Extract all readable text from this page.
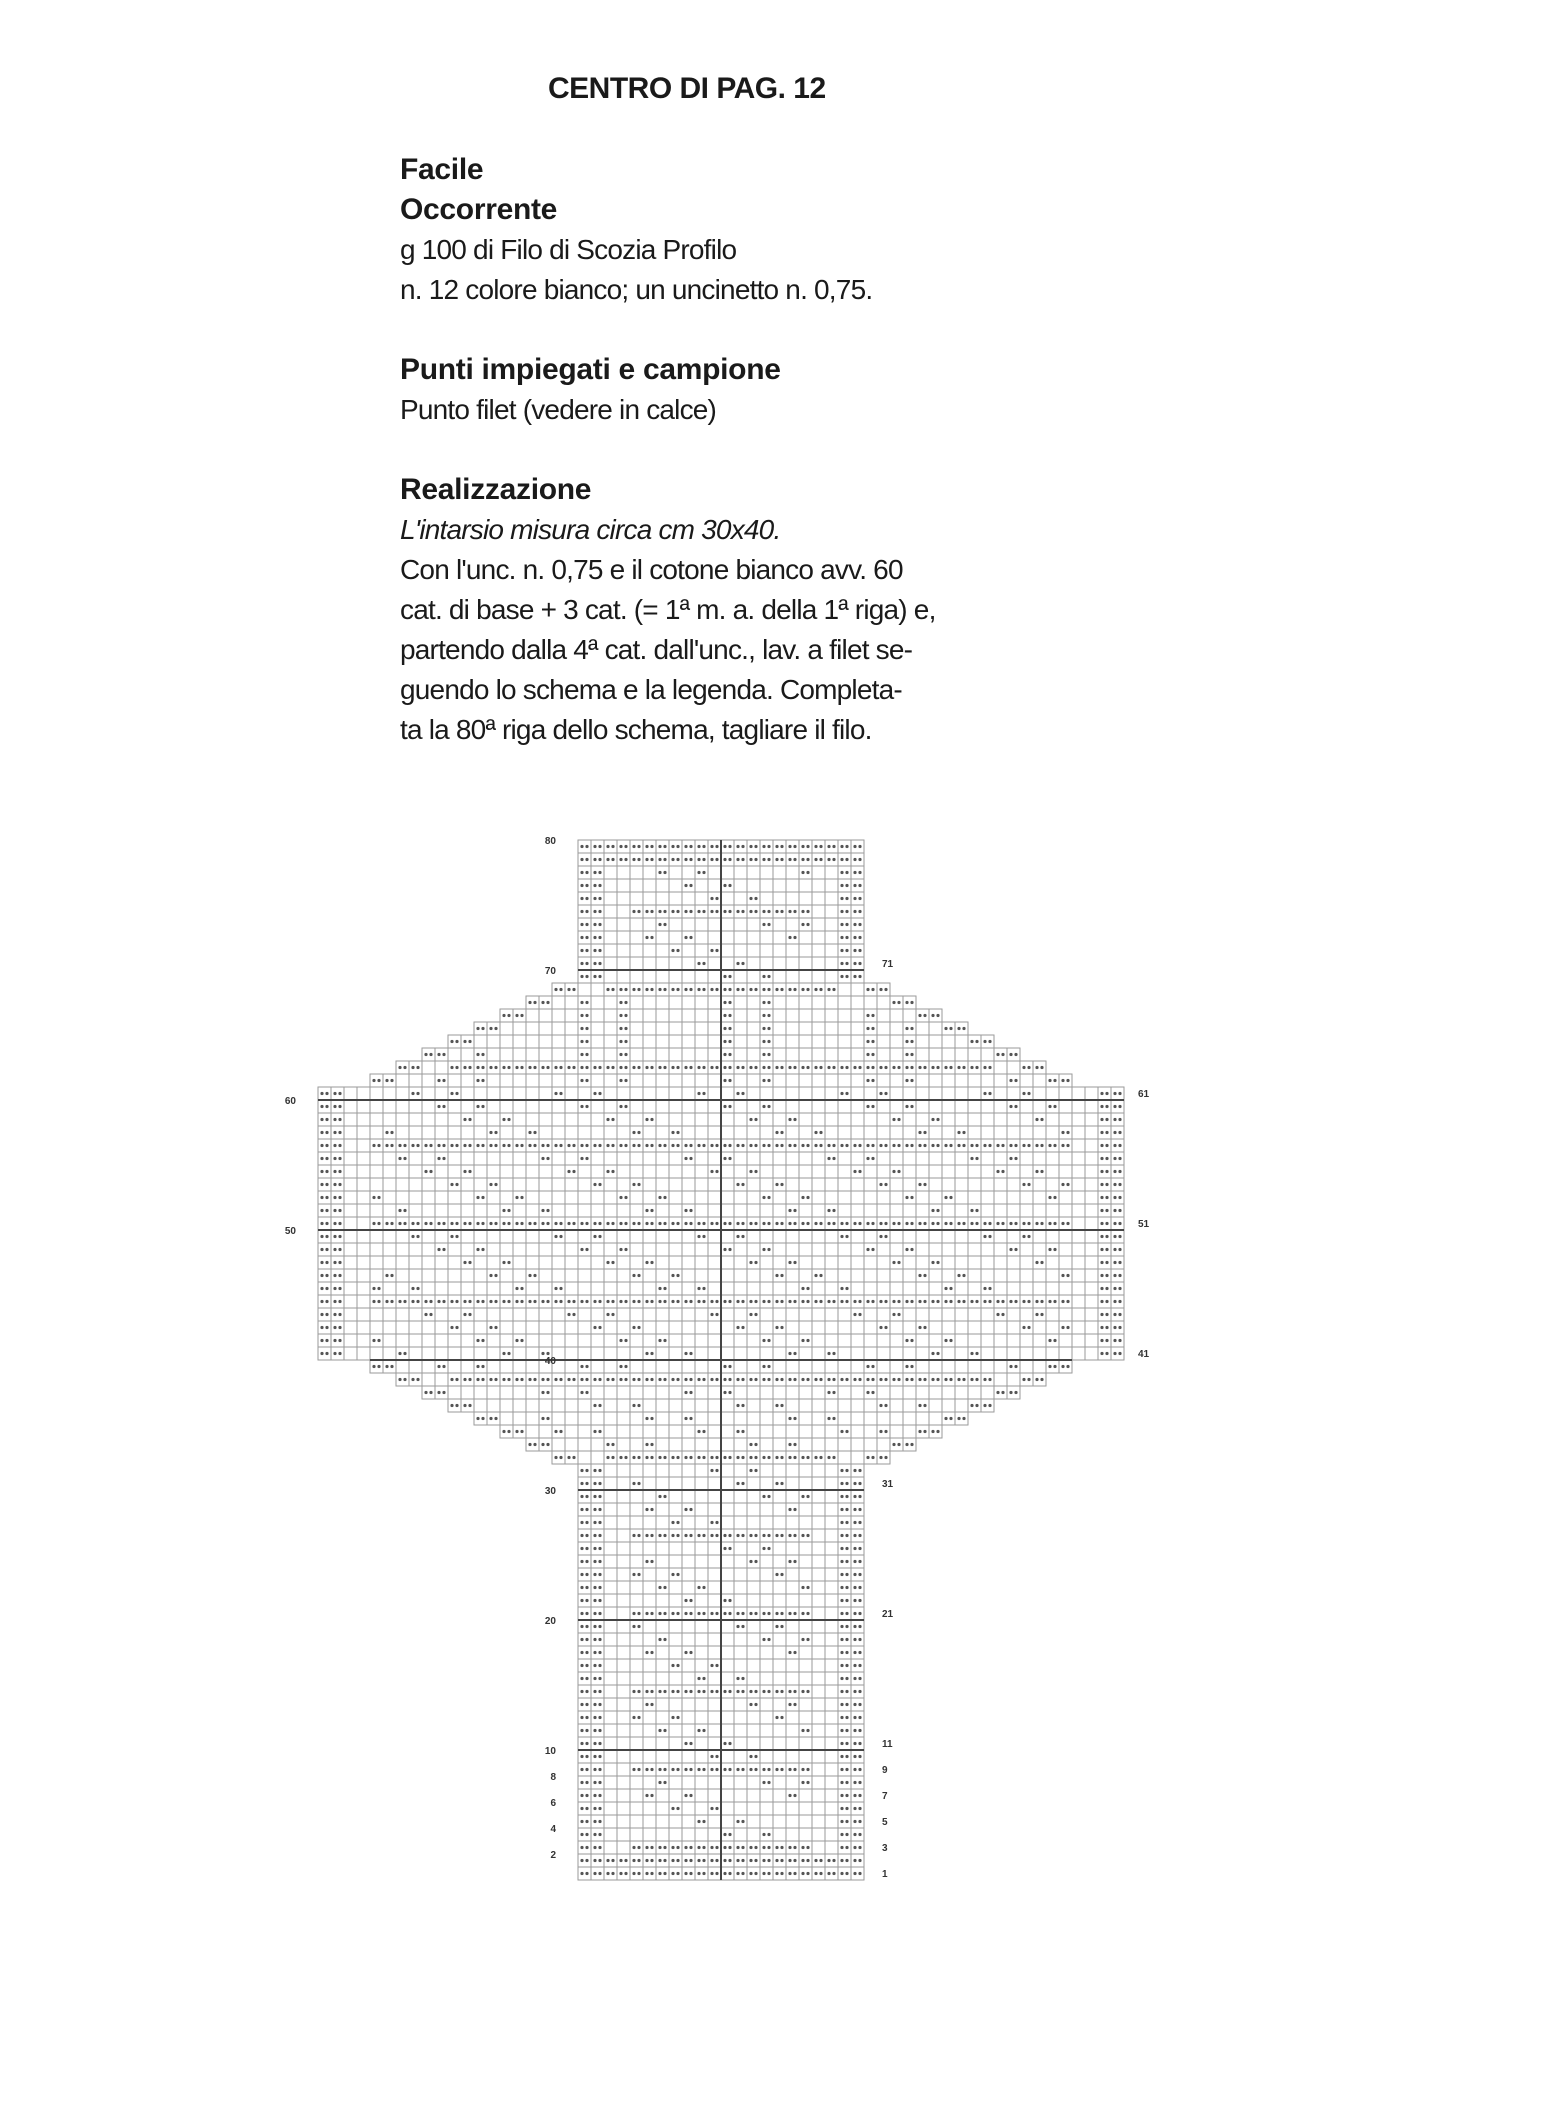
CENTRO DI PAG. 12

Facile

Occorrente

g 100 di Filo di Scozia Profilo

n. 12 colore bianco; un uncinetto n. 0,75.

Punti impiegati e campione

Punto filet (vedere in calce)

Realizzazione

L'intarsio misura circa cm 30x40.

Con l'unc. n. 0,75 e il cotone bianco avv. 60

cat. di base + 3 cat. (= 1ª m. a. della 1ª riga) e,

partendo dalla 4ª cat. dall'unc., lav. a filet se-

guendo lo schema e la legenda. Completa-

ta la 80ª riga dello schema, tagliare il filo.

2
4
6
8
10
20
30
40
50
60
70
80
1
3
5
7
9
11
21
31
41
51
61
71
